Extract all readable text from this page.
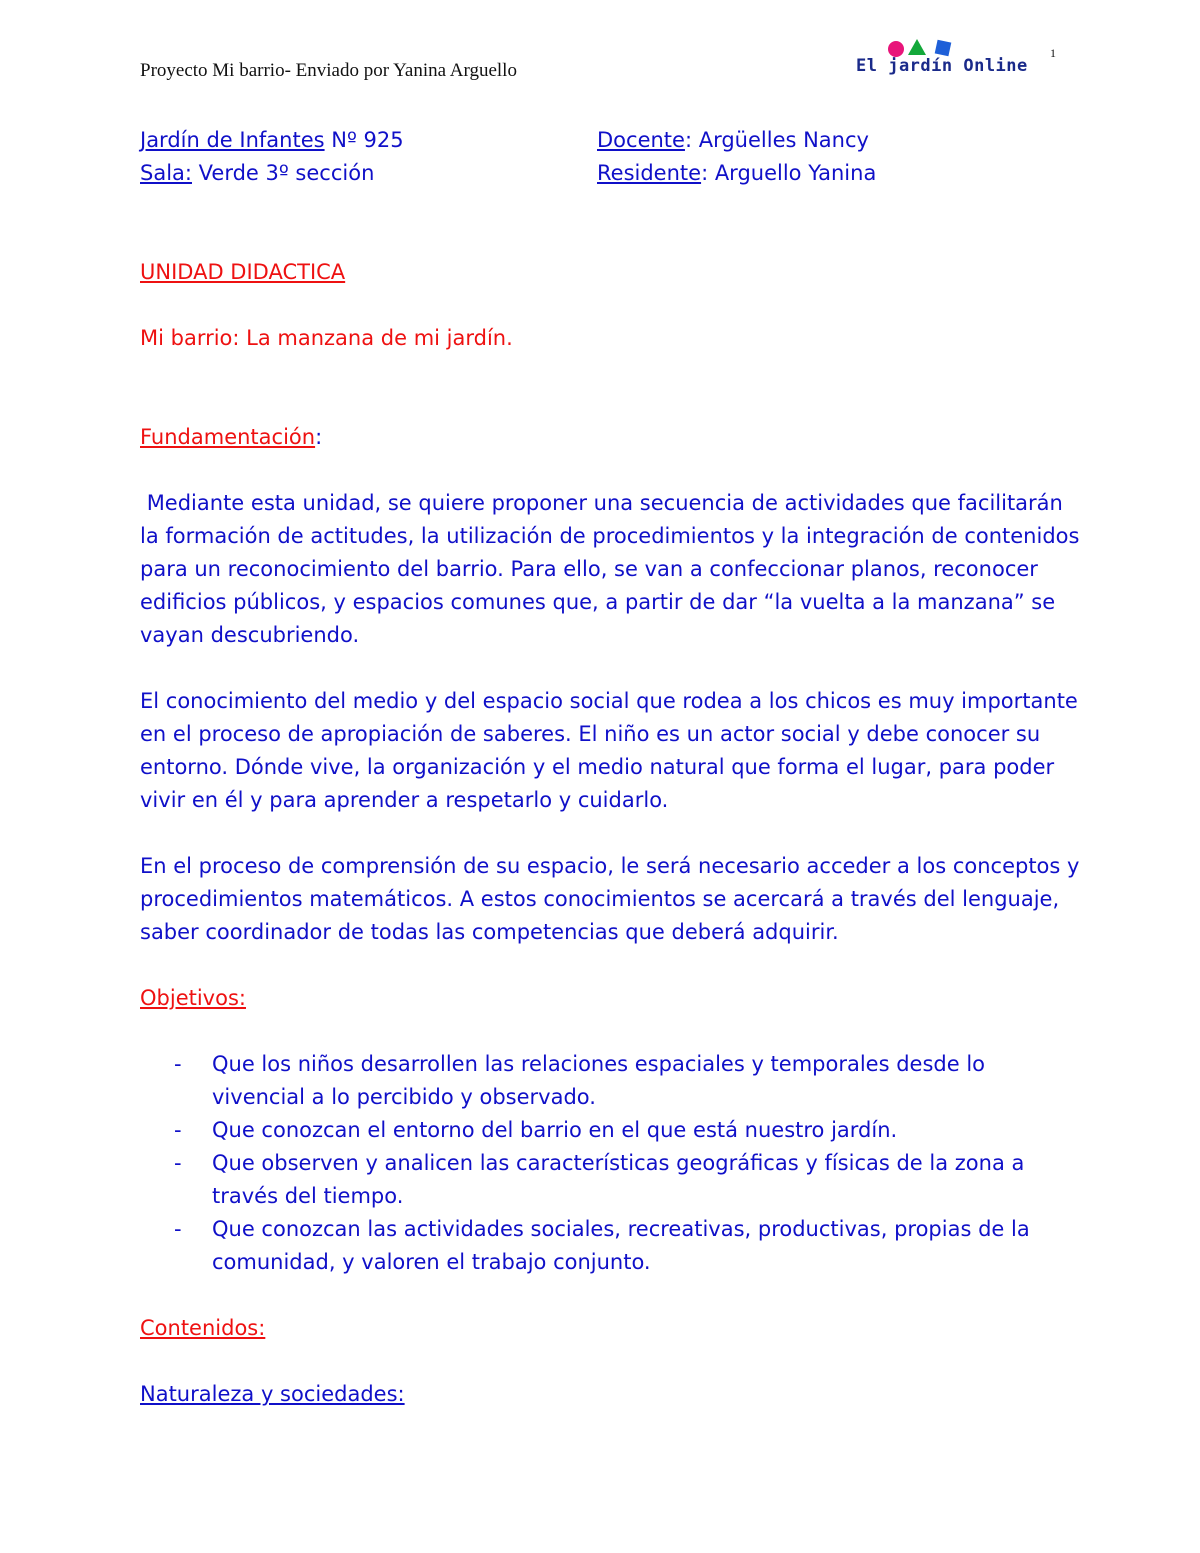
Proyecto Mi barrio- Enviado por Yanina Arguello	El jardín Online
1
Jardín de Infantes Nº 925	Docente: Argüelles Nancy
Sala: Verde 3º sección	Residente: Arguello Yanina

UNIDAD DIDACTICA

Mi barrio: La manzana de mi jardín.

Fundamentación:

Mediante esta unidad, se quiere proponer una secuencia de actividades que facilitarán la formación de actitudes, la utilización de procedimientos y la integración de contenidos para un reconocimiento del barrio. Para ello, se van a confeccionar planos, reconocer edificios públicos, y espacios comunes que, a partir de dar “la vuelta a la manzana” se vayan descubriendo.

El conocimiento del medio y del espacio social que rodea a los chicos es muy importante en el proceso de apropiación de saberes. El niño es un actor social y debe conocer su entorno. Dónde vive, la organización y el medio natural que forma el lugar, para poder vivir en él y para aprender a respetarlo y cuidarlo.

En el proceso de comprensión de su espacio, le será necesario acceder a los conceptos y procedimientos matemáticos. A estos conocimientos se acercará a través del lenguaje, saber coordinador de todas las competencias que deberá adquirir.

Objetivos:

- Que los niños desarrollen las relaciones espaciales y temporales desde lo vivencial a lo percibido y observado.
- Que conozcan el entorno del barrio en el que está nuestro jardín.
- Que observen y analicen las características geográficas y físicas de la zona a través del tiempo.
- Que conozcan las actividades sociales, recreativas, productivas, propias de la comunidad, y valoren el trabajo conjunto.

Contenidos:

Naturaleza y sociedades:
